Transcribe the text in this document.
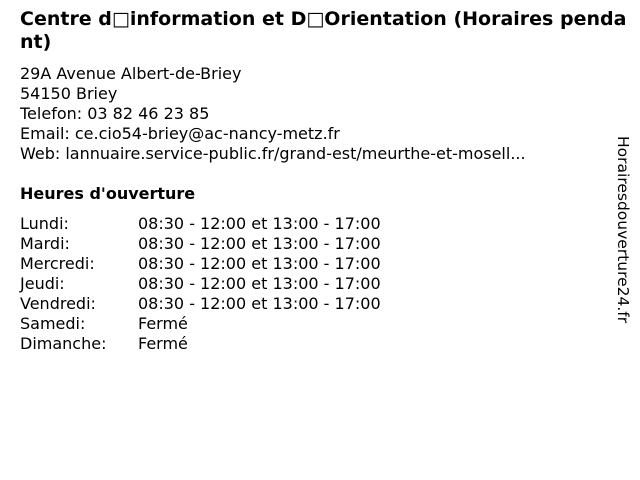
Centre d□information et D□Orientation (Horaires pendant)
29A Avenue Albert-de-Briey
54150 Briey
Telefon: 03 82 46 23 85
Email: ce.cio54-briey@ac-nancy-metz.fr
Web: lannuaire.service-public.fr/grand-est/meurthe-et-mosell...
Heures d'ouverture
Lundi:	08:30 - 12:00 et 13:00 - 17:00
Mardi:	08:30 - 12:00 et 13:00 - 17:00
Mercredi:	08:30 - 12:00 et 13:00 - 17:00
Jeudi:	08:30 - 12:00 et 13:00 - 17:00
Vendredi:	08:30 - 12:00 et 13:00 - 17:00
Samedi:	Fermé
Dimanche: Fermé
Horairesdouverture24.fr
